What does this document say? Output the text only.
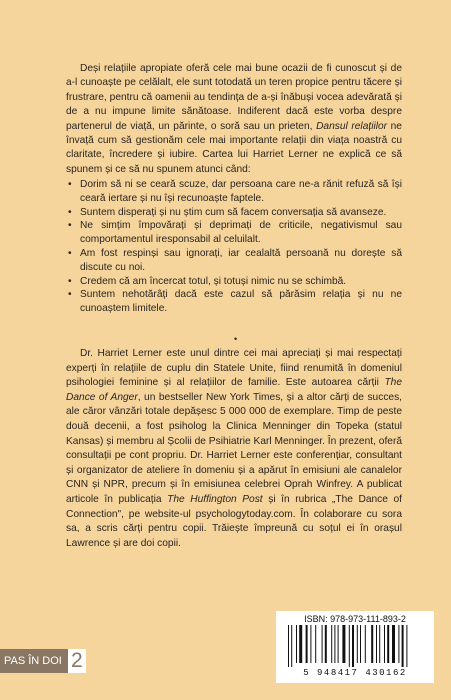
Deși relațiile apropiate oferă cele mai bune ocazii de fi cunoscut și de a-l cunoaște pe celălalt, ele sunt totodată un teren propice pentru tăcere și frustrare, pentru că oamenii au tendința de a-și înăbuși vocea adevărată și de a nu impune limite sănătoase. Indiferent dacă este vorba despre partenerul de viață, un părinte, o soră sau un prieten, Dansul relațiilor ne învață cum să gestionăm cele mai importante relații din viața noastră cu claritate, încredere și iubire. Cartea lui Harriet Lerner ne explică ce să spunem și ce să nu spunem atunci când:

• Dorim să ni se ceară scuze, dar persoana care ne-a rănit refuză să își ceară iertare și nu își recunoaște faptele.
• Suntem disperați și nu știm cum să facem conversația să avanseze.
• Ne simțim împovărați și deprimați de criticile, negativismul sau comportamentul iresponsabil al celuilalt.
• Am fost respinși sau ignorați, iar cealaltă persoană nu dorește să discute cu noi.
• Credem că am încercat totul, și totuși nimic nu se schimbă.
• Suntem nehotărâți dacă este cazul să părăsim relația și nu ne cunoaștem limitele.
•

Dr. Harriet Lerner este unul dintre cei mai apreciați și mai respectați experți în relațiile de cuplu din Statele Unite, fiind renumită în domeniul psihologiei feminine și al relațiilor de familie. Este autoarea cărții The Dance of Anger, un bestseller New York Times, și a altor cărți de succes, ale căror vânzări totale depășesc 5 000 000 de exemplare. Timp de peste două decenii, a fost psiholog la Clinica Menninger din Topeka (statul Kansas) și membru al Școlii de Psihiatrie Karl Menninger. În prezent, oferă consultații pe cont propriu. Dr. Harriet Lerner este conferențiar, consultant și organizator de ateliere în domeniu și a apărut în emisiuni ale canalelor CNN și NPR, precum și în emisiunea celebrei Oprah Winfrey. A publicat articole în publicația The Huffington Post și în rubrica „The Dance of Connection", pe website-ul psychologytoday.com. În colaborare cu sora sa, a scris cărți pentru copii. Trăiește împreună cu soțul ei în orașul Lawrence și are doi copii.

ISBN: 978-973-111-893-2
5 948417 430162
PAS ÎN DOI 2
